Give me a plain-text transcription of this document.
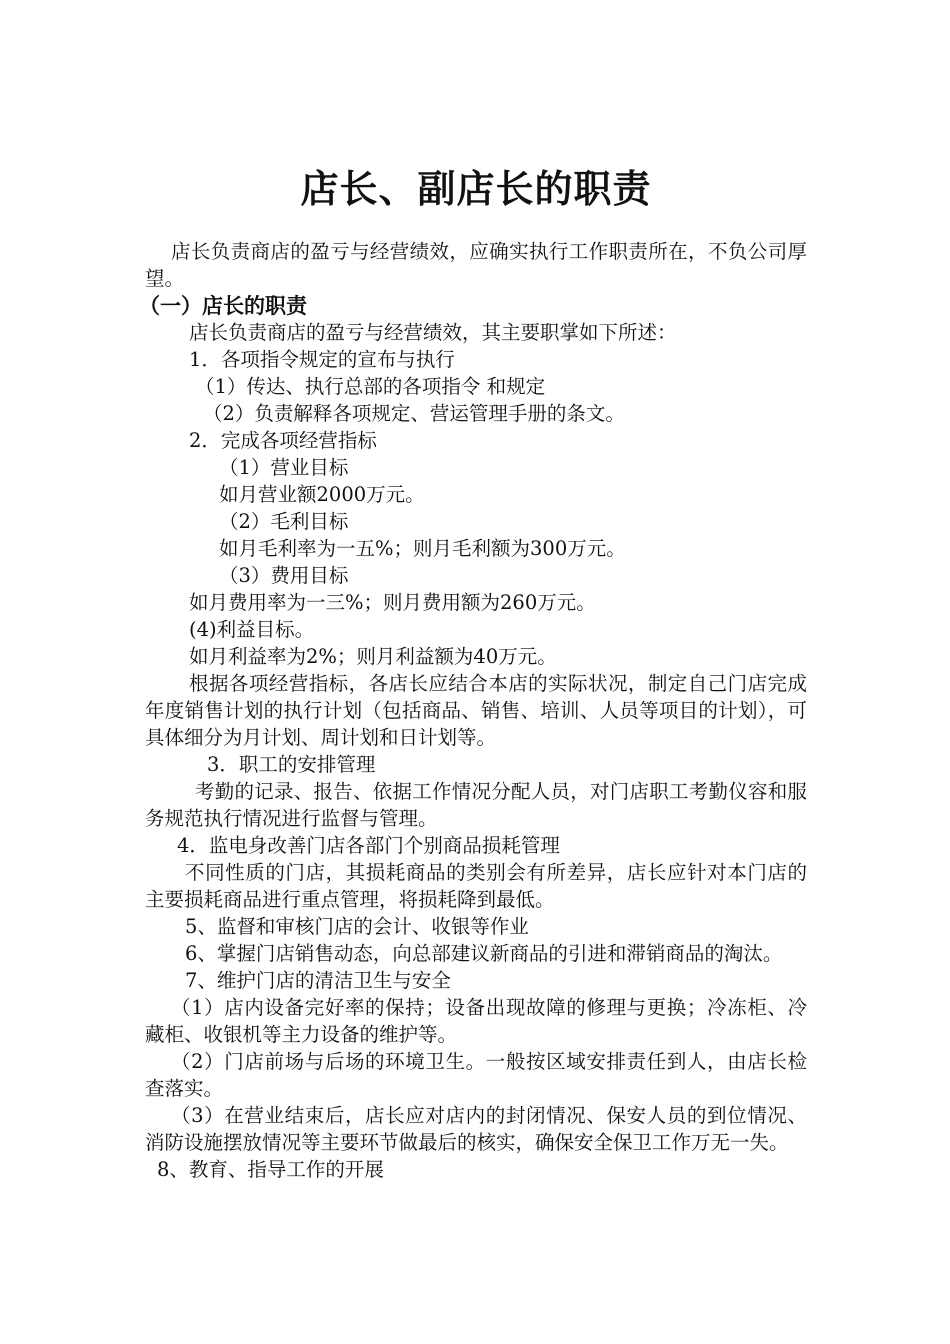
店长、副店长的职责

店长负责商店的盈亏与经营绩效，应确实执行工作职责所在，不负公司厚望。

（一）店长的职责

店长负责商店的盈亏与经营绩效，其主要职掌如下所述：

1．各项指令规定的宣布与执行

（1）传达、执行总部的各项指令 和规定

（2）负责解释各项规定、营运管理手册的条文。

2．完成各项经营指标

（1）营业目标

如月营业额2000万元。

（2）毛利目标

如月毛利率为一五%；则月毛利额为300万元。

（3）费用目标

如月费用率为一三%；则月费用额为260万元。

(4)利益目标。

如月利益率为2%；则月利益额为40万元。

根据各项经营指标，各店长应结合本店的实际状况，制定自己门店完成年度销售计划的执行计划（包括商品、销售、培训、人员等项目的计划），可具体细分为月计划、周计划和日计划等。

3．职工的安排管理

考勤的记录、报告、依据工作情况分配人员，对门店职工考勤仪容和服务规范执行情况进行监督与管理。

4．监电身改善门店各部门个别商品损耗管理

不同性质的门店，其损耗商品的类别会有所差异，店长应针对本门店的主要损耗商品进行重点管理，将损耗降到最低。

5、监督和审核门店的会计、收银等作业

6、掌握门店销售动态，向总部建议新商品的引进和滞销商品的淘汰。

7、维护门店的清洁卫生与安全

（1）店内设备完好率的保持；设备出现故障的修理与更换；冷冻柜、冷藏柜、收银机等主力设备的维护等。

（2）门店前场与后场的环境卫生。一般按区域安排责任到人，由店长检查落实。

（3）在营业结束后，店长应对店内的封闭情况、保安人员的到位情况、消防设施摆放情况等主要环节做最后的核实，确保安全保卫工作万无一失。

8、教育、指导工作的开展
